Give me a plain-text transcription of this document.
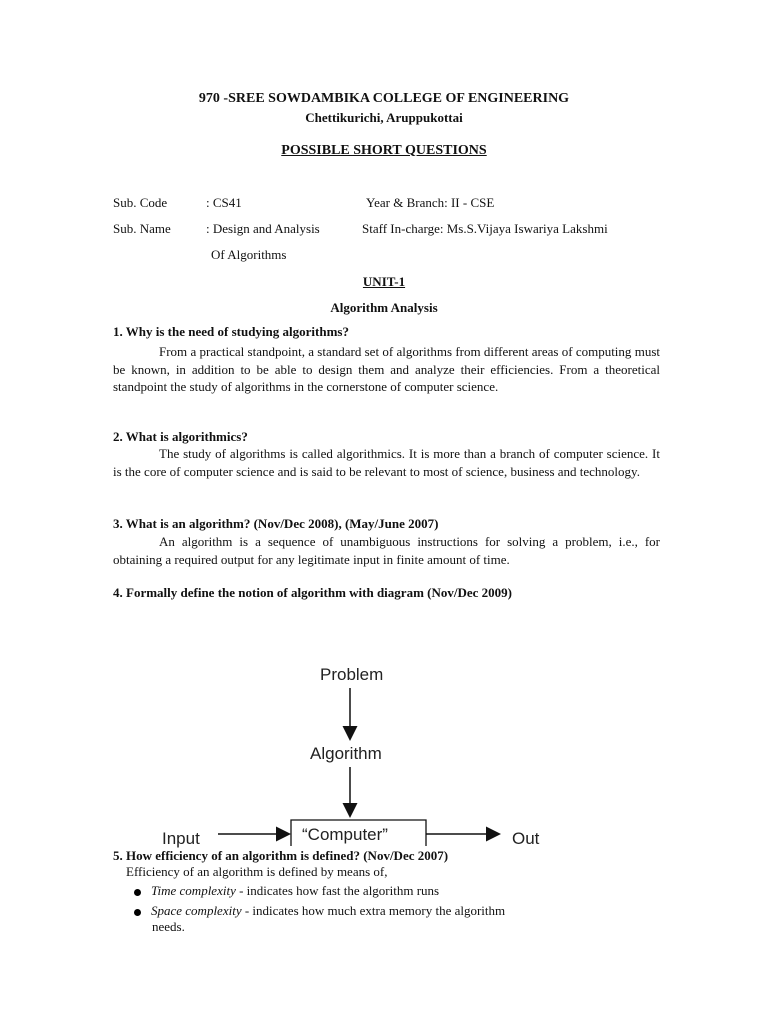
970 -SREE SOWDAMBIKA COLLEGE OF ENGINEERING
Chettikurichi, Aruppukottai
POSSIBLE SHORT QUESTIONS
Sub. Code	: CS41	Year & Branch: II - CSE
Sub. Name	: Design and Analysis	Staff In-charge: Ms.S.Vijaya Iswariya Lakshmi
Of Algorithms
UNIT-1
Algorithm Analysis
1. Why is the need of studying algorithms?

From a practical standpoint, a standard set of algorithms from different areas of computing must be known, in addition to be able to design them and analyze their efficiencies. From a theoretical standpoint the study of algorithms in the cornerstone of computer science.

2. What is algorithmics?

The study of algorithms is called algorithmics. It is more than a branch of computer science. It is the core of computer science and is said to be relevant to most of science, business and technology.

3. What is an algorithm? (Nov/Dec 2008), (May/June 2007)

An algorithm is a sequence of unambiguous instructions for solving a problem, i.e., for obtaining a required output for any legitimate input in finite amount of time.

4. Formally define the notion of algorithm with diagram (Nov/Dec 2009)
Problem
Algorithm
Input	“Computer”	Out
5. How efficiency of an algorithm is defined? (Nov/Dec 2007)
Efficiency of an algorithm is defined by means of,
Time complexity - indicates how fast the algorithm runs
Space complexity - indicates how much extra memory the algorithm
needs.
